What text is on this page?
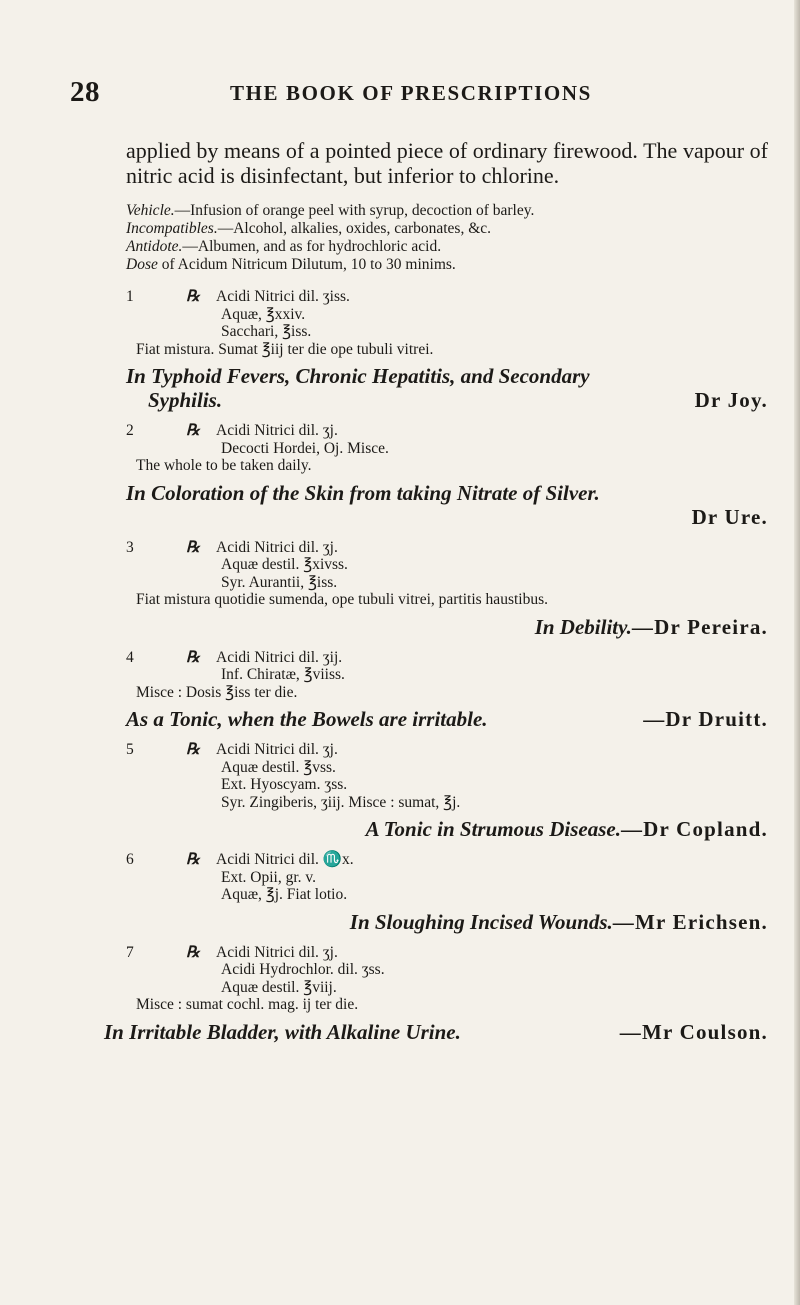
28	THE BOOK OF PRESCRIPTIONS

applied by means of a pointed piece of ordinary firewood. The vapour of nitric acid is disinfectant, but inferior to chlorine.

Vehicle.—Infusion of orange peel with syrup, decoction of barley.
Incompatibles.—Alcohol, alkalies, oxides, carbonates, &c.
Antidote.—Albumen, and as for hydrochloric acid.
Dose of Acidum Nitricum Dilutum, 10 to 30 minims.
1	℞ Acidi Nitrici dil. ʒiss.
Aquæ, ℥xxiv.
Sacchari, ℥iss.
Fiat mistura. Sumat ℥iij ter die ope tubuli vitrei.
In Typhoid Fevers, Chronic Hepatitis, and Secondary
Syphilis.	Dr Joy.
2	℞ Acidi Nitrici dil. ʒj.
Decocti Hordei, Oj. Misce.
The whole to be taken daily.
In Coloration of the Skin from taking Nitrate of Silver.
Dr Ure.
3	℞ Acidi Nitrici dil. ʒj.
Aquæ destil. ℥xivss.
Syr. Aurantii, ℥iss.
Fiat mistura quotidie sumenda, ope tubuli vitrei, partitis haustibus.
In Debility.—Dr Pereira.
4	℞ Acidi Nitrici dil. ʒij.
Inf. Chiratæ, ℥viiss.
Misce : Dosis ℥iss ter die.
As a Tonic, when the Bowels are irritable.	—Dr Druitt.
5	℞ Acidi Nitrici dil. ʒj.
Aquæ destil. ℥vss.
Ext. Hyoscyam. ʒss.
Syr. Zingiberis, ʒiij. Misce : sumat, ℥j.
A Tonic in Strumous Disease.—Dr Copland.
6	℞ Acidi Nitrici dil. ♏x.
Ext. Opii, gr. v.
Aquæ, ℥j. Fiat lotio.
In Sloughing Incised Wounds.—Mr Erichsen.
7	℞ Acidi Nitrici dil. ʒj.
Acidi Hydrochlor. dil. ʒss.
Aquæ destil. ℥viij.
Misce : sumat cochl. mag. ij ter die.
In Irritable Bladder, with Alkaline Urine.	—Mr Coulson.
